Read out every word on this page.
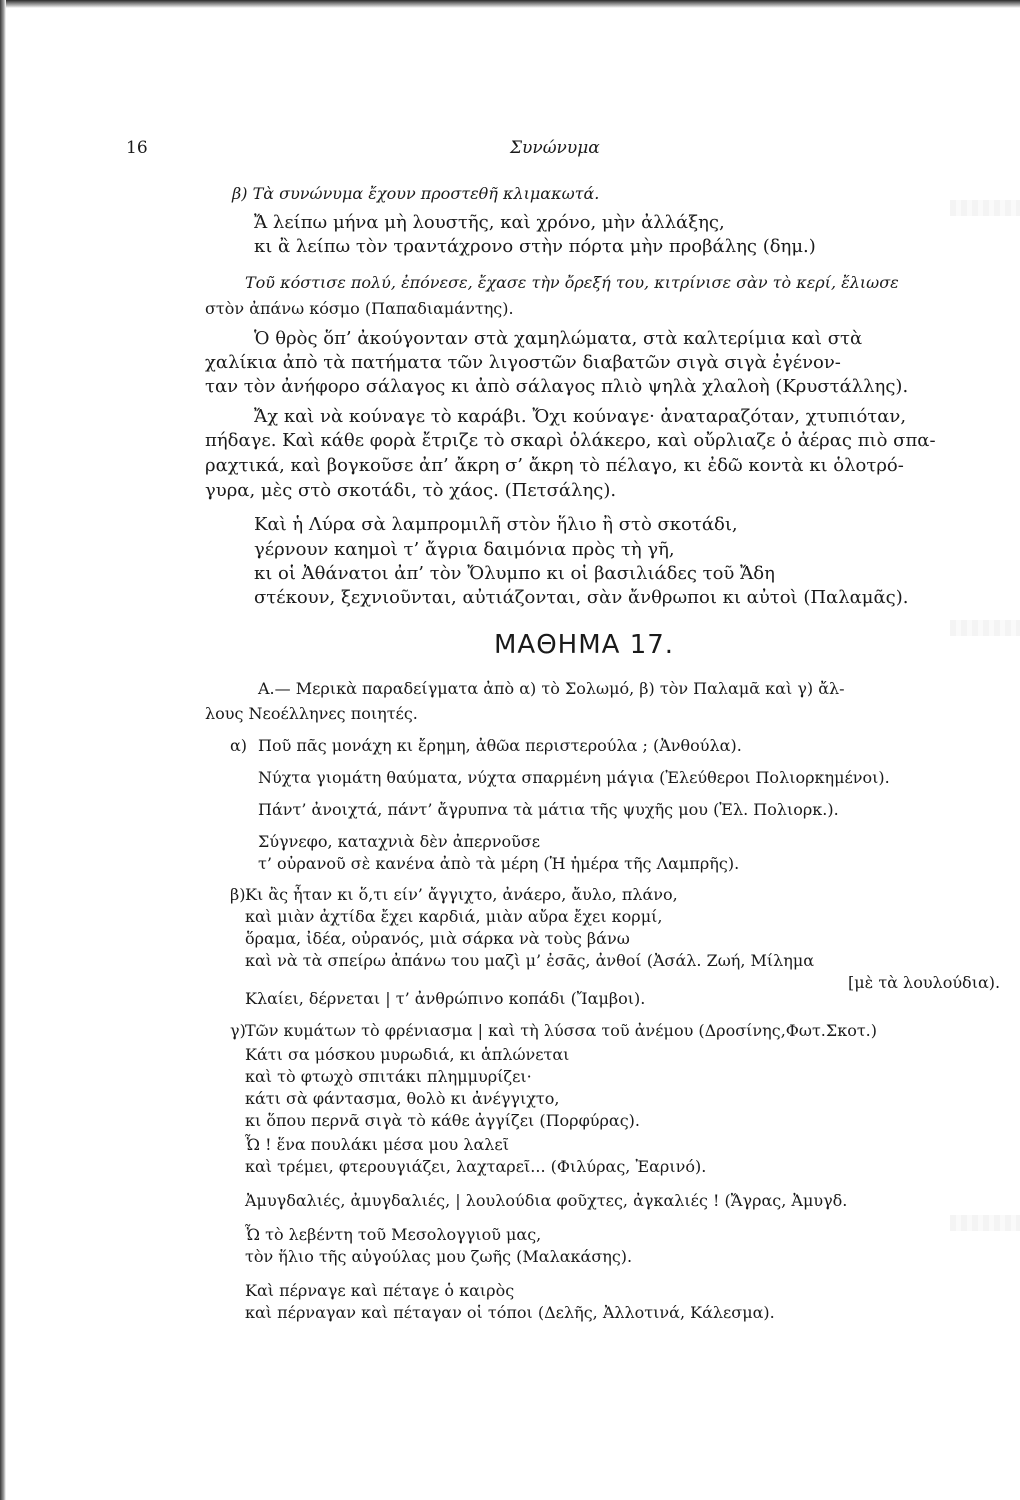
16	Συνώνυμα
β) Τὰ συνώνυμα ἔχουν προστεθῆ κλιμακωτά.
Ἄ λείπω μήνα μὴ λουστῆς, καὶ χρόνο, μὴν ἀλλάξης,
κι ἂ λείπω τὸν τραντάχρονο στὴν πόρτα μὴν προβάλης (δημ.)
Τοῦ κόστισε πολύ, ἐπόνεσε, ἔχασε τὴν ὄρεξή του, κιτρίνισε σὰν τὸ κερί, ἔλιωσε
στὸν ἀπάνω κόσμο (Παπαδιαμάντης).
Ὁ θρὸς ὅπ’ ἀκούγονταν στὰ χαμηλώματα, στὰ καλτερίμια καὶ στὰ
χαλίκια ἀπὸ τὰ πατήματα τῶν λιγοστῶν διαβατῶν σιγὰ σιγὰ ἐγένον-
ταν τὸν ἀνήφορο σάλαγος κι ἀπὸ σάλαγος πλιὸ ψηλὰ χλαλοὴ (Κρυστάλλης).
Ἄχ καὶ νὰ κούναγε τὸ καράβι. Ὄχι κούναγε· ἀναταραζόταν, χτυπιόταν,
πήδαγε. Καὶ κάθε φορὰ ἔτριζε τὸ σκαρὶ ὁλάκερο, καὶ οὔρλιαζε ὁ ἀέρας πιὸ σπα-
ραχτικά, καὶ βογκοῦσε ἀπ’ ἄκρη σ’ ἄκρη τὸ πέλαγο, κι ἐδῶ κοντὰ κι ὁλοτρό-
γυρα, μὲς στὸ σκοτάδι, τὸ χάος. (Πετσάλης).
Καὶ ἡ Λύρα σὰ λαμπρομιλῆ στὸν ἥλιο ἢ στὸ σκοτάδι,
γέρνουν καημοὶ τ’ ἄγρια δαιμόνια πρὸς τὴ γῆ,
κι οἱ Ἀθάνατοι ἀπ’ τὸν Ὄλυμπο κι οἱ βασιλιάδες τοῦ Ἄδη
στέκουν, ξεχνιοῦνται, αὐτιάζονται, σὰν ἄνθρωποι κι αὐτοὶ (Παλαμᾶς).
ΜΑΘΗΜΑ 17.
Α.— Μερικὰ παραδείγματα ἀπὸ α) τὸ Σολωμό, β) τὸν Παλαμᾶ καὶ γ) ἄλ-
λους Νεοέλληνες ποιητές.
α) Ποῦ πᾶς μονάχη κι ἔρημη, ἀθῶα περιστερούλα ; (Ἀνθούλα).
Νύχτα γιομάτη θαύματα, νύχτα σπαρμένη μάγια (Ἐλεύθεροι Πολιορκημένοι).
Πάντ’ ἀνοιχτά, πάντ’ ἄγρυπνα τὰ μάτια τῆς ψυχῆς μου (Ἐλ. Πολιορκ.).
Σύγνεφο, καταχνιὰ δὲν ἀπερνοῦσε
τ’ οὐρανοῦ σὲ κανένα ἀπὸ τὰ μέρη (Ἡ ἡμέρα τῆς Λαμπρῆς).
β) Κι ἂς ἦταν κι ὅ,τι είν’ ἄγγιχτο, ἀνάερο, ἄυλο, πλάνο,
καὶ μιὰν ἀχτίδα ἔχει καρδιά, μιὰν αὔρα ἔχει κορμί,
ὅραμα, ἰδέα, οὐρανός, μιὰ σάρκα νὰ τοὺς βάνω
καὶ νὰ τὰ σπείρω ἀπάνω του μαζὶ μ’ ἐσᾶς, ἀνθοί (Ἀσάλ. Ζωή, Μίλημα
[μὲ τὰ λουλούδια).
Κλαίει, δέρνεται | τ’ ἀνθρώπινο κοπάδι (Ἴαμβοι).
γ) Τῶν κυμάτων τὸ φρένιασμα | καὶ τὴ λύσσα τοῦ ἀνέμου (Δροσίνης,Φωτ.Σκοτ.)
Κάτι σα μόσκου μυρωδιά, κι ἁπλώνεται
καὶ τὸ φτωχὸ σπιτάκι πλημμυρίζει·
κάτι σὰ φάντασμα, θολὸ κι ἀνέγγιχτο,
κι ὅπου περνᾶ σιγὰ τὸ κάθε ἀγγίζει (Πορφύρας).
Ὦ ! ἕνα πουλάκι μέσα μου λαλεῖ
καὶ τρέμει, φτερουγιάζει, λαχταρεῖ... (Φιλύρας, Ἐαρινό).
Ἀμυγδαλιές, ἀμυγδαλιές, | λουλούδια φοῦχτες, ἀγκαλιές ! (Ἄγρας, Ἀμυγδ.
Ὦ τὸ λεβέντη τοῦ Μεσολογγιοῦ μας,
τὸν ἥλιο τῆς αὐγούλας μου ζωῆς (Μαλακάσης).
Καὶ πέρναγε καὶ πέταγε ὁ καιρὸς
καὶ πέρναγαν καὶ πέταγαν οἱ τόποι (Δελῆς, Ἀλλοτινά, Κάλεσμα).
